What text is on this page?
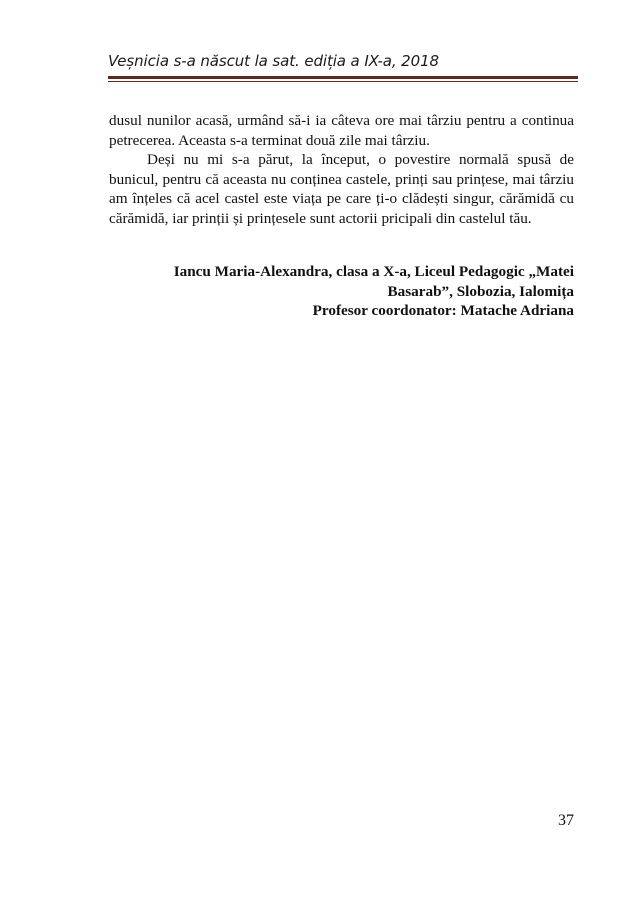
Veșnicia s-a născut la sat. ediția a IX-a, 2018

dusul nunilor acasă, urmând să-i ia câteva ore mai târziu pentru a continua petrecerea. Aceasta s-a terminat două zile mai târziu.

Deși nu mi s-a părut, la început, o povestire normală spusă de bunicul, pentru că aceasta nu conținea castele, prinți sau prințese, mai târziu am înțeles că acel castel este viața pe care ți-o clădești singur, cărămidă cu cărămidă, iar prinții și prințesele sunt actorii pricipali din castelul tău.

Iancu Maria-Alexandra, clasa a X-a, Liceul Pedagogic „Matei

Basarab”, Slobozia, Ialomița

Profesor coordonator: Matache Adriana

37
